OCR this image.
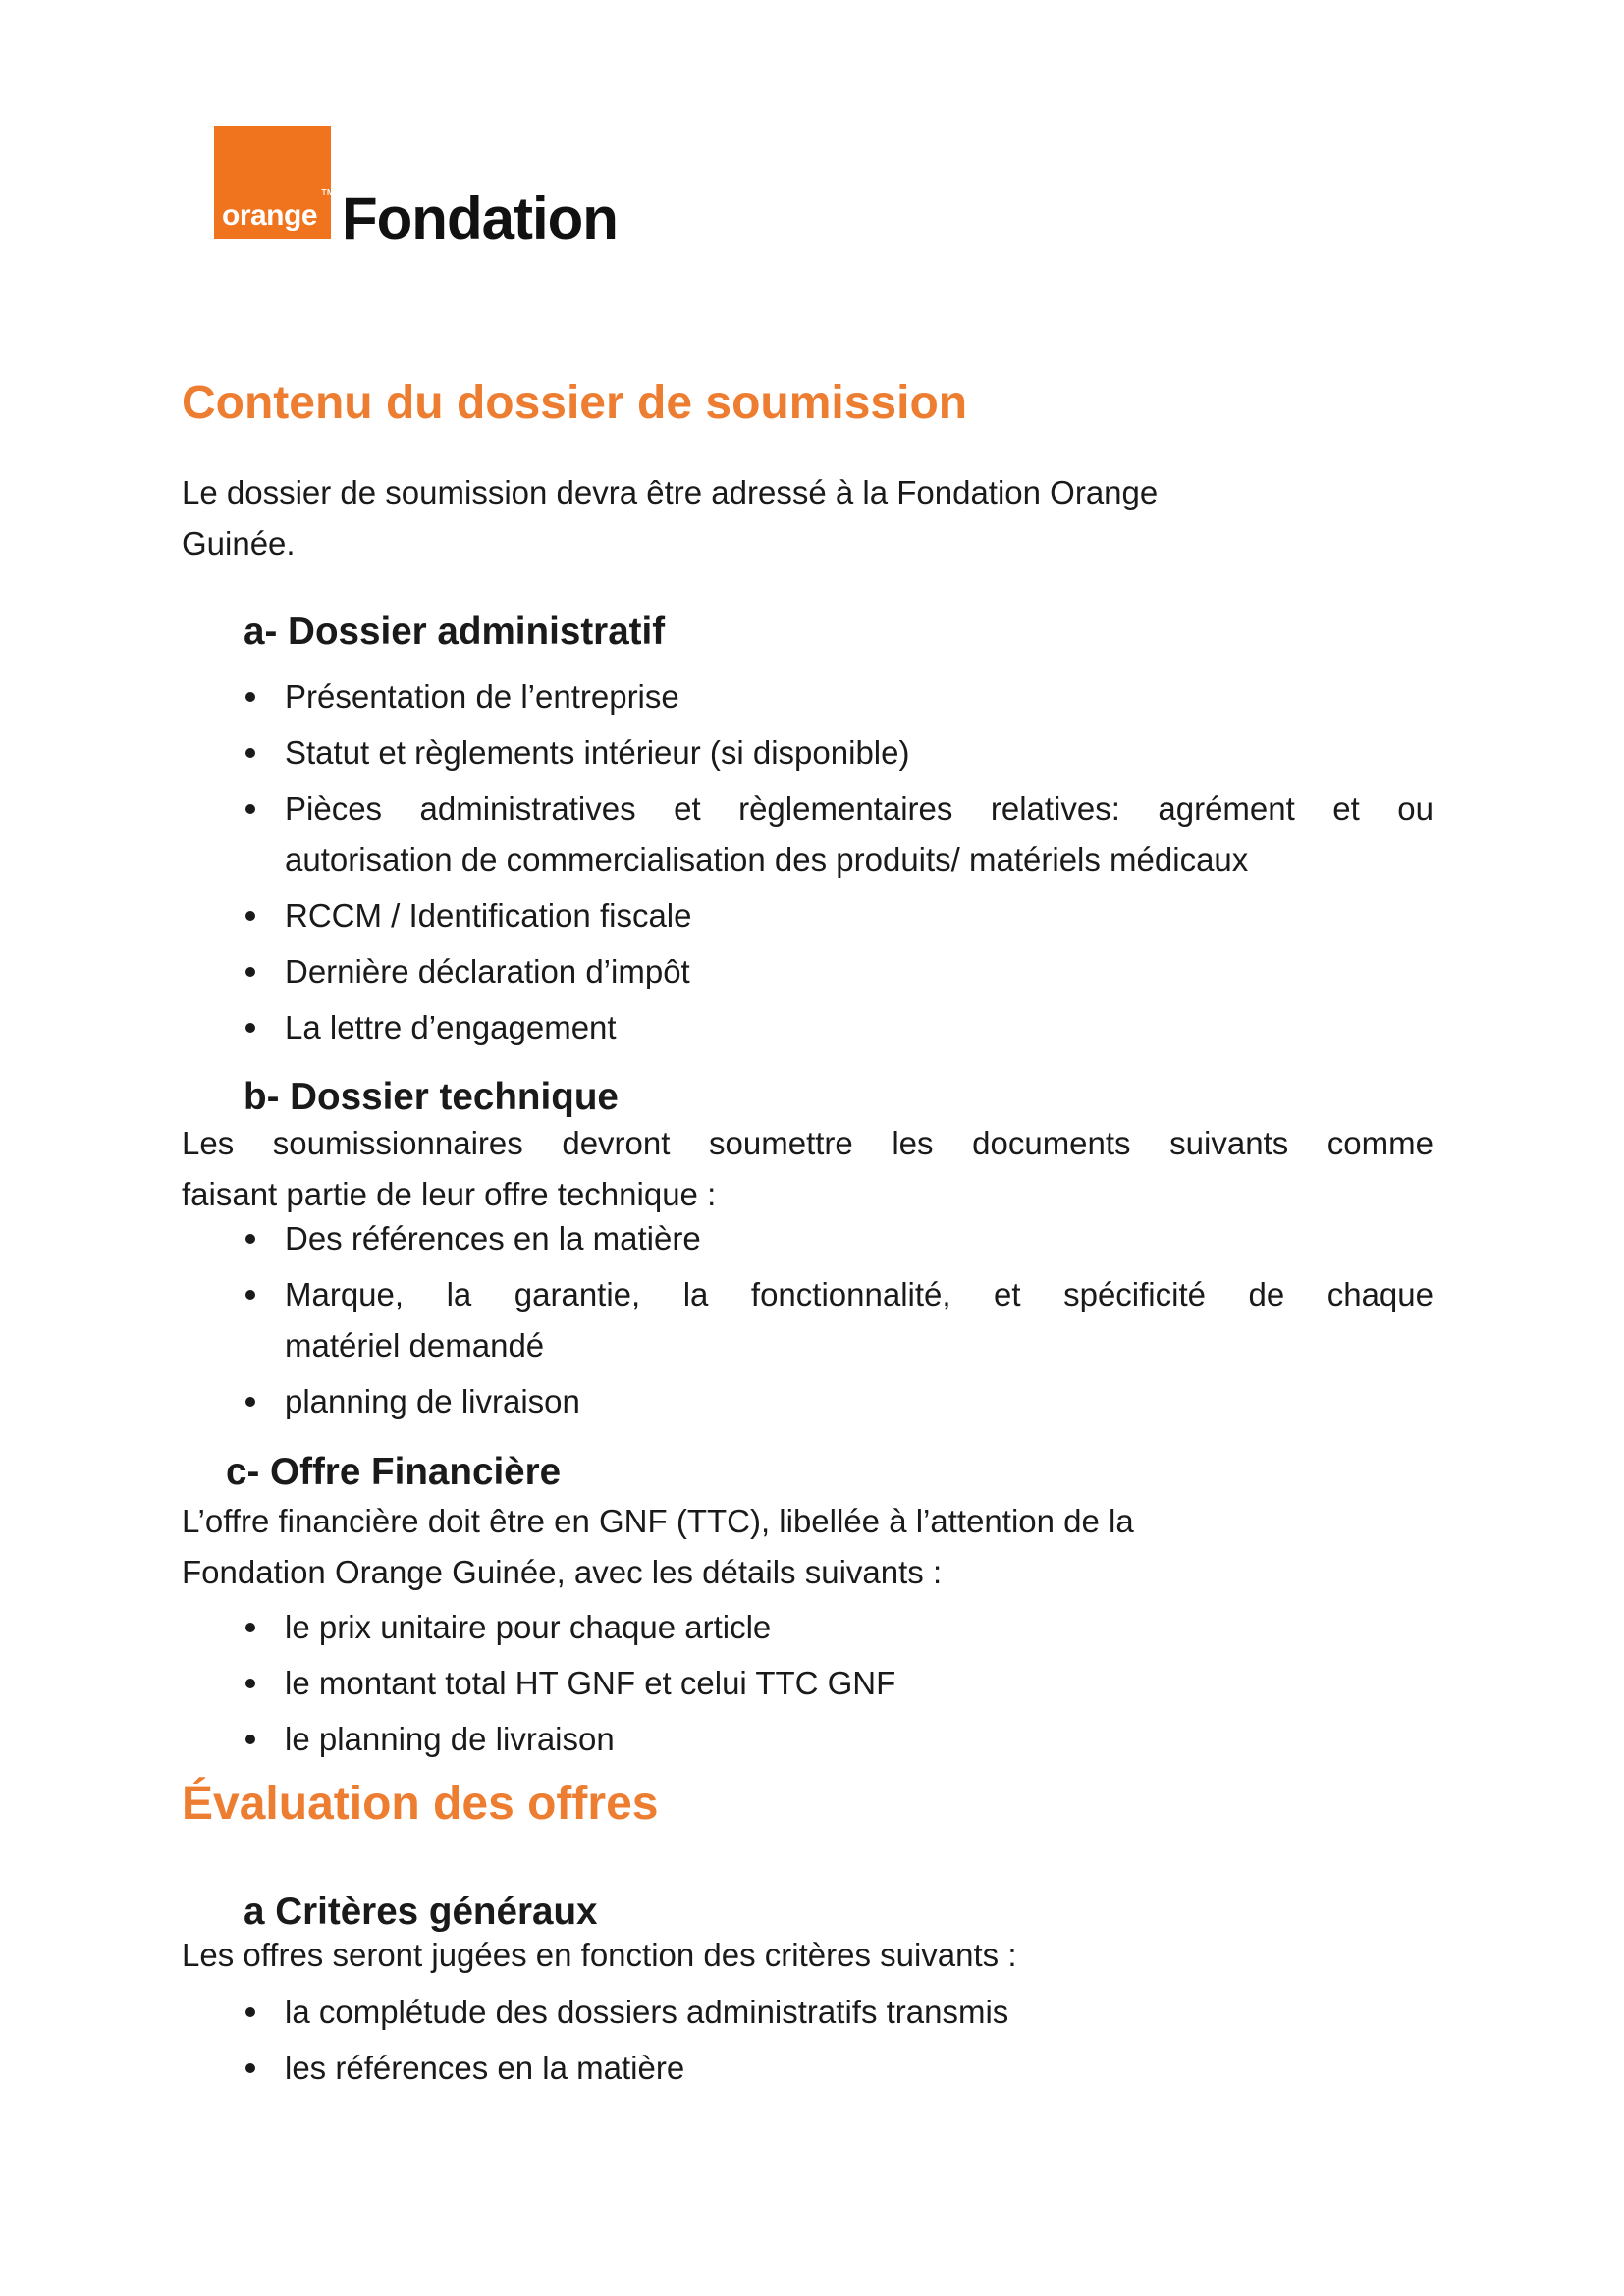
orange
™ Fondation
Contenu du dossier de soumission

Le dossier de soumission devra être adressé à la Fondation Orange
Guinée.

a- Dossier administratif
Présentation de l’entreprise
Statut et règlements intérieur (si disponible)
Pièces administratives et règlementaires relatives: agrément et ou
autorisation de commercialisation des produits/ matériels médicaux
RCCM / Identification fiscale
Dernière déclaration d’impôt
La lettre d’engagement
b- Dossier technique

Les soumissionnaires devront soumettre les documents suivants comme
faisant partie de leur offre technique :

Des références en la matière
Marque, la garantie, la fonctionnalité, et spécificité de chaque
matériel demandé
planning de livraison
c- Offre Financière

L’offre financière doit être en GNF (TTC), libellée à l’attention de la
Fondation Orange Guinée, avec les détails suivants :

le prix unitaire pour chaque article
le montant total HT GNF et celui TTC GNF
le planning de livraison
Évaluation des offres
a Critères généraux

Les offres seront jugées en fonction des critères suivants :

la complétude des dossiers administratifs transmis
les références en la matière
